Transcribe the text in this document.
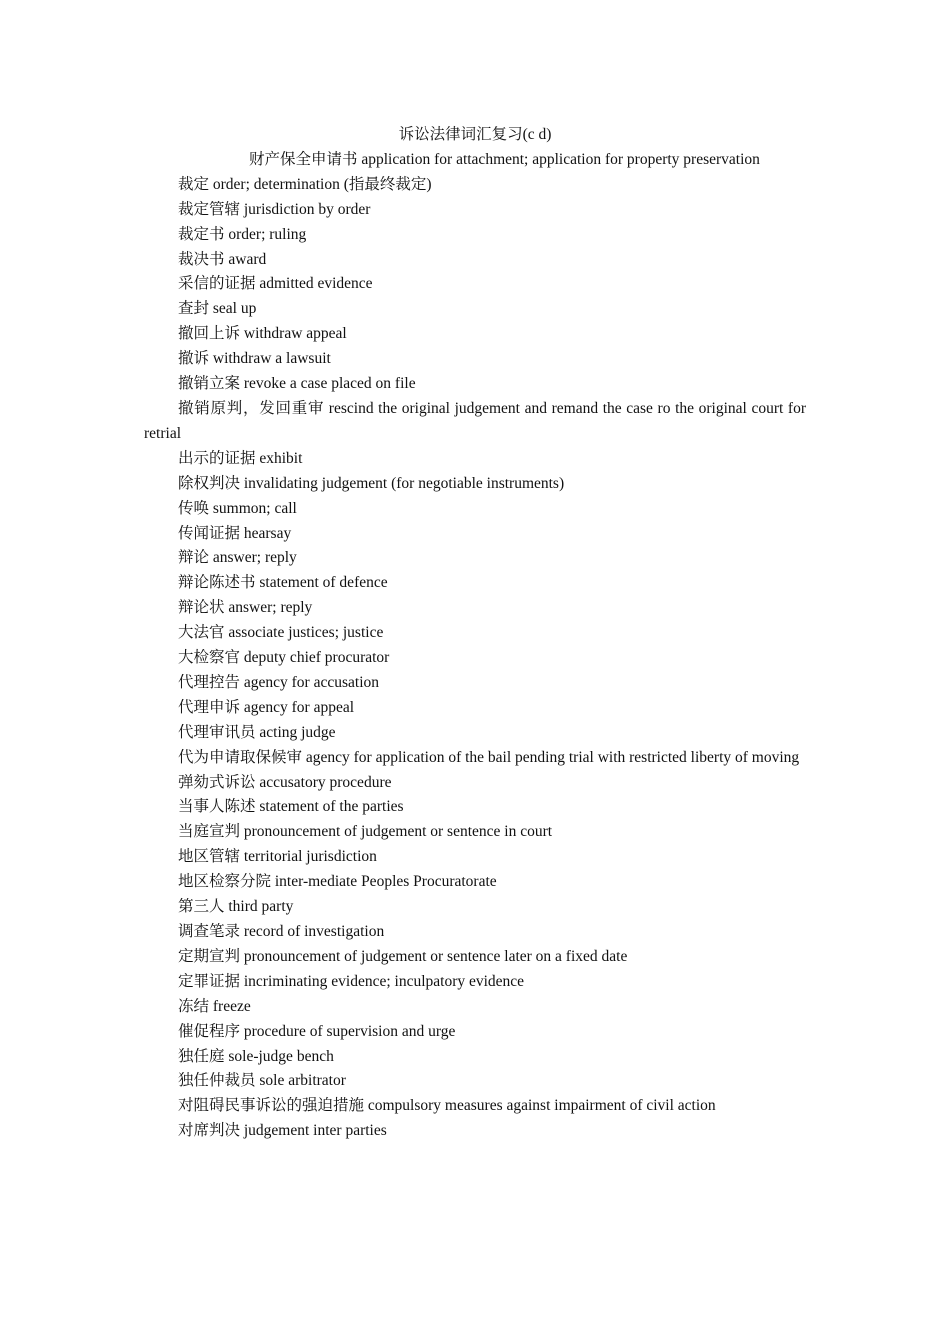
诉讼法律词汇复习(c d)

财产保全申请书 application for attachment; application for property preservation

裁定 order; determination (指最终裁定)

裁定管辖 jurisdiction by order

裁定书 order; ruling

裁决书 award

采信的证据 admitted evidence

查封 seal up

撤回上诉 withdraw appeal

撤诉 withdraw a lawsuit

撤销立案 revoke a case placed on file

撤销原判，发回重审 rescind the original judgement and remand the case ro the original court for retrial

出示的证据 exhibit

除权判决 invalidating judgement (for negotiable instruments)

传唤 summon; call

传闻证据 hearsay

辩论 answer; reply

辩论陈述书 statement of defence

辩论状 answer; reply

大法官 associate justices; justice

大检察官 deputy chief procurator

代理控告 agency for accusation

代理申诉 agency for appeal

代理审讯员 acting judge

代为申请取保候审 agency for application of the bail pending trial with restricted liberty of moving

弹劾式诉讼 accusatory procedure

当事人陈述 statement of the parties

当庭宣判 pronouncement of judgement or sentence in court

地区管辖 territorial jurisdiction

地区检察分院 inter-mediate Peoples Procuratorate

第三人 third party

调查笔录 record of investigation

定期宣判 pronouncement of judgement or sentence later on a fixed date

定罪证据 incriminating evidence; inculpatory evidence

冻结 freeze

催促程序 procedure of supervision and urge

独任庭 sole-judge bench

独任仲裁员 sole arbitrator

对阻碍民事诉讼的强迫措施 compulsory measures against impairment of civil action

对席判决 judgement inter parties
